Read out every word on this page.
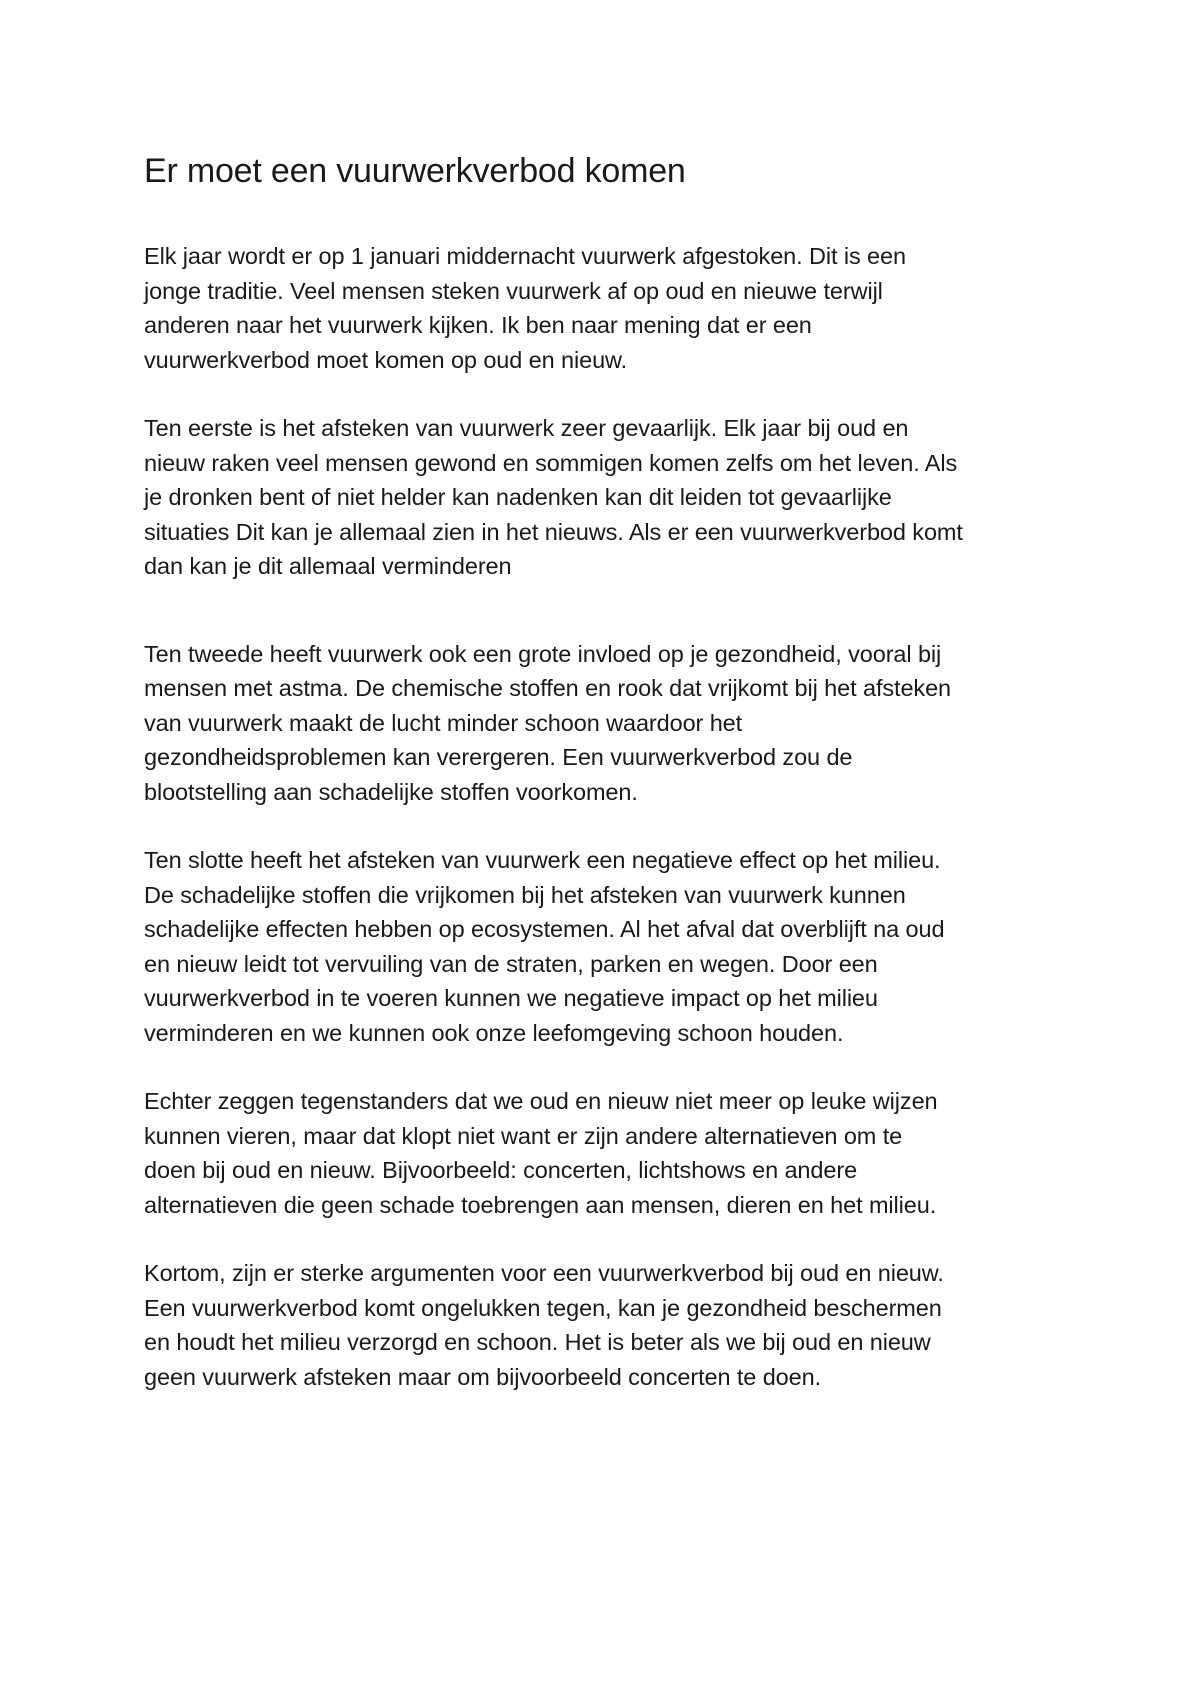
Er moet een vuurwerkverbod komen

Elk jaar wordt er op 1 januari middernacht vuurwerk afgestoken. Dit is een
jonge traditie. Veel mensen steken vuurwerk af op oud en nieuwe terwijl
anderen naar het vuurwerk kijken. Ik ben naar mening dat er een
vuurwerkverbod moet komen op oud en nieuw.

Ten eerste is het afsteken van vuurwerk zeer gevaarlijk. Elk jaar bij oud en
nieuw raken veel mensen gewond en sommigen komen zelfs om het leven. Als
je dronken bent of niet helder kan nadenken kan dit leiden tot gevaarlijke
situaties Dit kan je allemaal zien in het nieuws. Als er een vuurwerkverbod komt
dan kan je dit allemaal verminderen

Ten tweede heeft vuurwerk ook een grote invloed op je gezondheid, vooral bij
mensen met astma. De chemische stoffen en rook dat vrijkomt bij het afsteken
van vuurwerk maakt de lucht minder schoon waardoor het
gezondheidsproblemen kan verergeren. Een vuurwerkverbod zou de
blootstelling aan schadelijke stoffen voorkomen.

Ten slotte heeft het afsteken van vuurwerk een negatieve effect op het milieu.
De schadelijke stoffen die vrijkomen bij het afsteken van vuurwerk kunnen
schadelijke effecten hebben op ecosystemen. Al het afval dat overblijft na oud
en nieuw leidt tot vervuiling van de straten, parken en wegen. Door een
vuurwerkverbod in te voeren kunnen we negatieve impact op het milieu
verminderen en we kunnen ook onze leefomgeving schoon houden.

Echter zeggen tegenstanders dat we oud en nieuw niet meer op leuke wijzen
kunnen vieren, maar dat klopt niet want er zijn andere alternatieven om te
doen bij oud en nieuw. Bijvoorbeeld: concerten, lichtshows en andere
alternatieven die geen schade toebrengen aan mensen, dieren en het milieu.

Kortom, zijn er sterke argumenten voor een vuurwerkverbod bij oud en nieuw.
Een vuurwerkverbod komt ongelukken tegen, kan je gezondheid beschermen
en houdt het milieu verzorgd en schoon. Het is beter als we bij oud en nieuw
geen vuurwerk afsteken maar om bijvoorbeeld concerten te doen.
